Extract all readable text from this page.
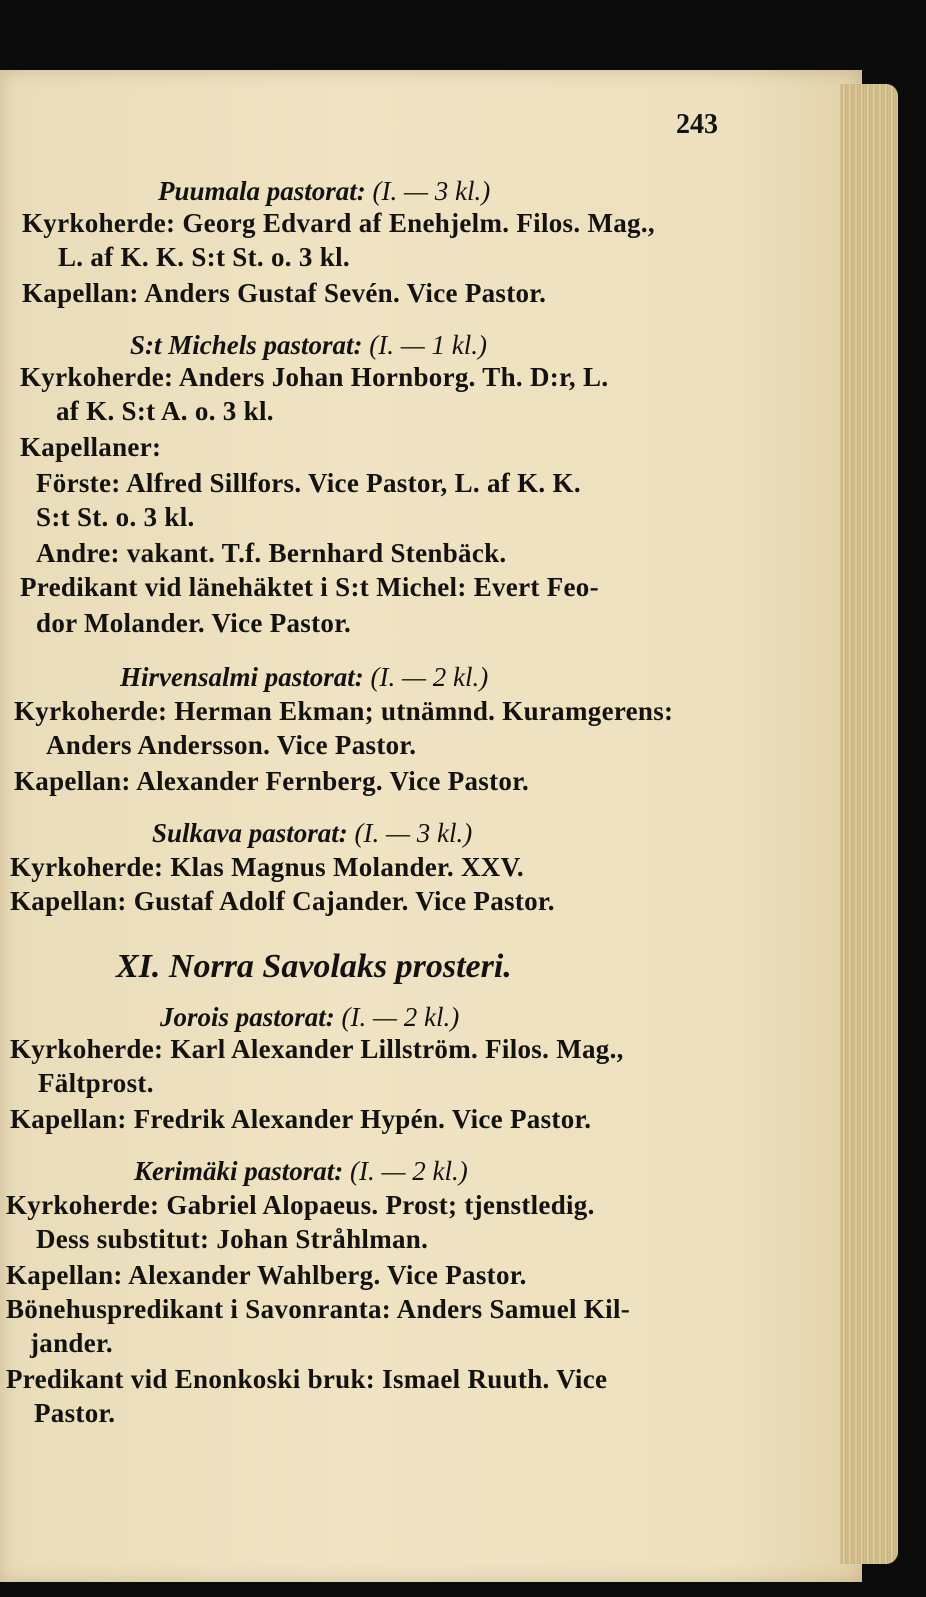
243
Puumala pastorat: (I. — 3 kl.)
Kyrkoherde: Georg Edvard af Enehjelm. Filos. Mag.,
L. af K. K. S:t St. o. 3 kl.
Kapellan: Anders Gustaf Sevén. Vice Pastor.
S:t Michels pastorat: (I. — 1 kl.)
Kyrkoherde: Anders Johan Hornborg. Th. D:r, L.
af K. S:t A. o. 3 kl.
Kapellaner:
Förste: Alfred Sillfors. Vice Pastor, L. af K. K.
S:t St. o. 3 kl.
Andre: vakant. T.f. Bernhard Stenbäck.
Predikant vid länehäktet i S:t Michel: Evert Feo-
dor Molander. Vice Pastor.
Hirvensalmi pastorat: (I. — 2 kl.)
Kyrkoherde: Herman Ekman; utnämnd. Kuramgerens:
Anders Andersson. Vice Pastor.
Kapellan: Alexander Fernberg. Vice Pastor.
Sulkava pastorat: (I. — 3 kl.)
Kyrkoherde: Klas Magnus Molander. XXV.
Kapellan: Gustaf Adolf Cajander. Vice Pastor.
XI. Norra Savolaks prosteri.
Jorois pastorat: (I. — 2 kl.)
Kyrkoherde: Karl Alexander Lillström. Filos. Mag.,
Fältprost.
Kapellan: Fredrik Alexander Hypén. Vice Pastor.
Kerimäki pastorat: (I. — 2 kl.)
Kyrkoherde: Gabriel Alopaeus. Prost; tjenstledig.
Dess substitut: Johan Stråhlman.
Kapellan: Alexander Wahlberg. Vice Pastor.
Bönehuspredikant i Savonranta: Anders Samuel Kil-
jander.
Predikant vid Enonkoski bruk: Ismael Ruuth. Vice
Pastor.
